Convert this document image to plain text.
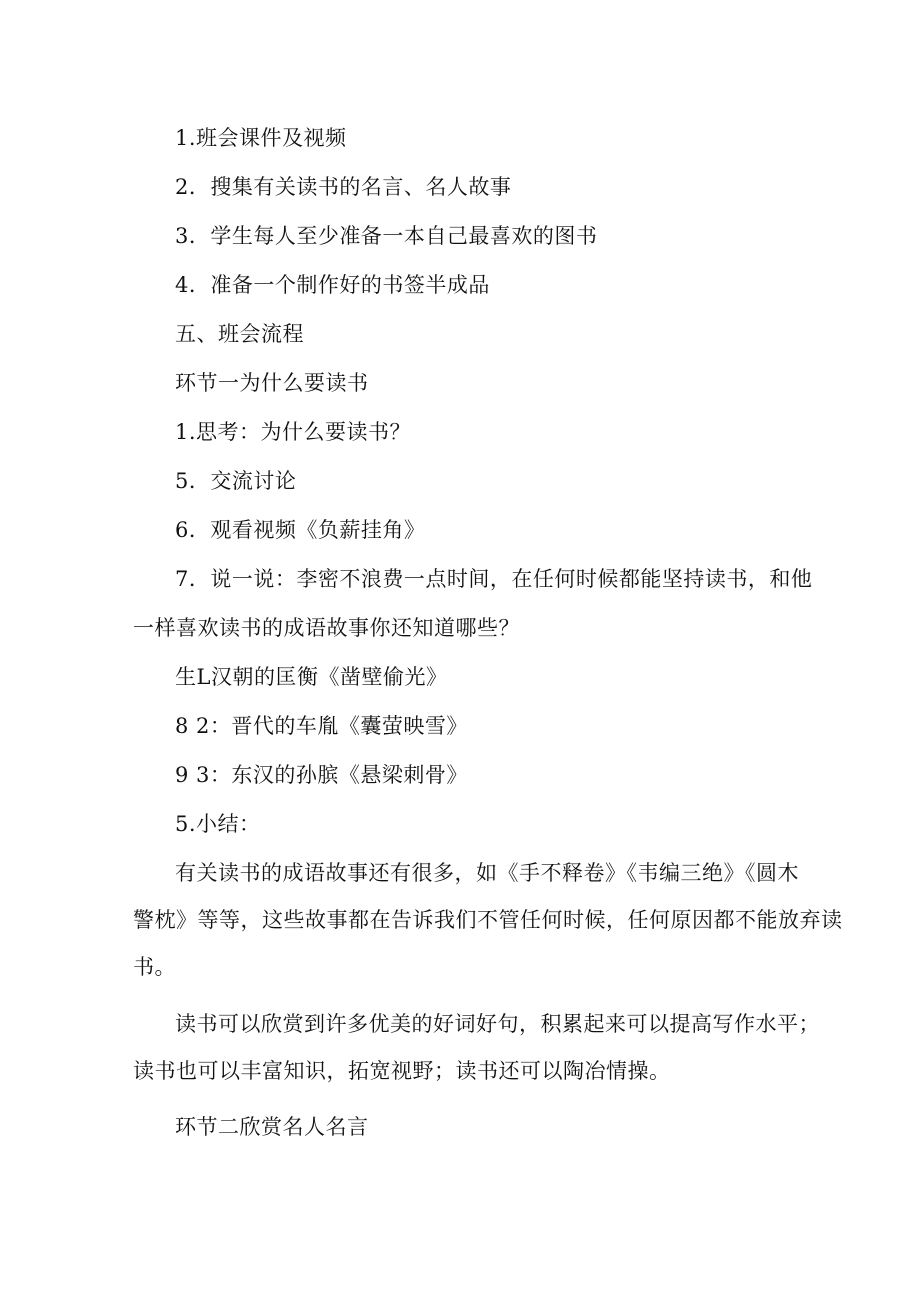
1.班会课件及视频
2．搜集有关读书的名言、名人故事
3．学生每人至少准备一本自己最喜欢的图书
4．准备一个制作好的书签半成品
五、班会流程
环节一为什么要读书
1.思考：为什么要读书？
5．交流讨论
6．观看视频《负薪挂角》
7．说一说：李密不浪费一点时间，在任何时候都能坚持读书，和他
一样喜欢读书的成语故事你还知道哪些？
生L汉朝的匡衡《凿壁偷光》
8 2：晋代的车胤《囊萤映雪》
9 3：东汉的孙膑《悬梁刺骨》
5.小结：
有关读书的成语故事还有很多，如《手不释卷》《韦编三绝》《圆木
警枕》等等，这些故事都在告诉我们不管任何时候，任何原因都不能放弃读
书。
读书可以欣赏到许多优美的好词好句，积累起来可以提高写作水平；
读书也可以丰富知识，拓宽视野；读书还可以陶冶情操。
环节二欣赏名人名言
